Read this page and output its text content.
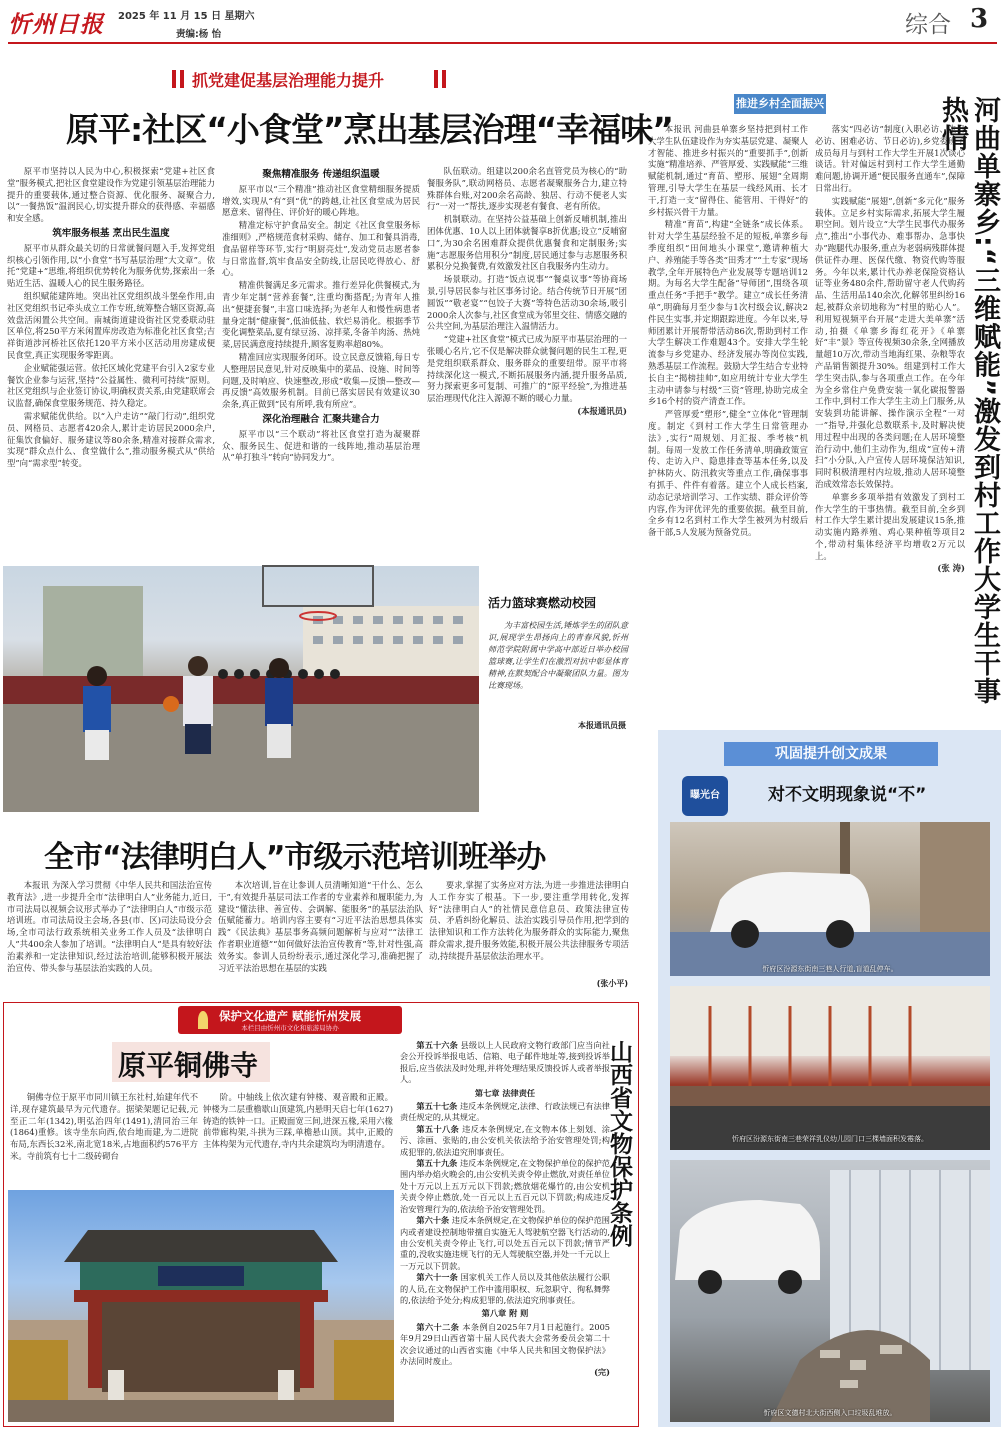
忻州日报 2025 年 11 月 15 日 星期六
责编:杨 怡	综合 3
抓党建促基层治理能力提升
原平:社区“小食堂”烹出基层治理“幸福味”

原平市坚持以人民为中心,积极探索“党建+社区食堂”服务模式,把社区食堂建设作为党建引领基层治理能力提升的重要载体,通过整合资源、优化服务、凝聚合力,以“一餐热饭”温润民心,切实提升群众的获得感、幸福感和安全感。

筑牢服务根基 烹出民生温度

原平市从群众最关切的日常就餐问题入手,发挥党组织核心引领作用,以“小食堂”书写基层治理“大文章”。依托“党建+”思维,将组织优势转化为服务优势,探索出一条贴近生活、温暖人心的民生服务路径。

组织赋能建阵地。突出社区党组织战斗堡垒作用,由社区党组织书记牵头成立工作专班,统筹整合辖区资源,高效盘活闲置公共空间。南城街道建设街社区党委联动驻区单位,将250平方米闲置库房改造为标准化社区食堂;吉祥街道涉河桥社区依托120平方米小区活动用房建成便民食堂,真正实现服务零距离。

企业赋能强运营。依托区域化党建平台引入2家专业餐饮企业参与运营,坚持“公益属性、微利可持续”原则。社区党组织与企业签订协议,明确权责关系,由党建联席会议监督,确保食堂服务规范、持久稳定。

需求赋能优供给。以“入户走访”“敲门行动”,组织党员、网格员、志愿者420余人,累计走访居民2000余户,征集饮食偏好、服务建议等80余条,精准对接群众需求,实现“群众点什么、食堂做什么”,推动服务模式从“供给型”向“需求型”转变。

聚焦精准服务 传递组织温暖

原平市以“三个精准”推动社区食堂精细服务提质增效,实现从“有”到“优”的跨越,让社区食堂成为居民愿意来、留得住、评价好的暖心阵地。

精准定标守护食品安全。制定《社区食堂服务标准细则》,严格规范食材采购、储存、加工和餐具消毒,食品留样等环节,实行“明厨亮灶”,发动党员志愿者参与日常监督,筑牢食品安全防线,让居民吃得放心、舒心。

精准供餐满足多元需求。推行差异化供餐模式,为青少年定制“营养套餐”,注重均衡搭配;为青年人推出“便捷套餐”,丰富口味选择;为老年人和慢性病患者量身定制“健康餐”,低油低盐、软烂易消化。根据季节变化调整菜品,夏有绿豆汤、凉拌菜,冬备羊肉汤、热炖菜,居民满意度持续提升,顾客复购率超80%。

精准回应实现服务闭环。设立民意反馈箱,每日专人整理居民意见,针对反映集中的菜品、设施、时间等问题,及时响应、快速整改,形成“收集—反馈—整改—再反馈”高效服务机制。目前已落实居民有效建议30余条,真正做到“民有所呼,我有所应”。

深化治理融合 汇聚共建合力

原平市以“三个联动”将社区食堂打造为凝聚群众、服务民生、促进和谐的一线阵地,推动基层治理从“单打独斗”转向“协同发力”。

队伍联动。组建以200余名直管党员为核心的“助餐服务队”,联动网格员、志愿者凝聚服务合力,建立特殊群体台账,对200余名高龄、独居、行动不便老人实行“一对一”帮扶,逐步实现老有餐食、老有所依。

机制联动。在坚持公益基础上创新反哺机制,推出团体优惠、10人以上团体就餐享8折优惠;设立“反哺窗口”,为30余名困难群众提供优惠餐食和定制服务;实施“志愿服务信用积分”制度,居民通过参与志愿服务积累积分兑换餐费,有效激发社区自我服务内生动力。

场景联动。打造“饭点说事”“餐桌议事”等协商场景,引导居民参与社区事务讨论。结合传统节日开展“团圆饭”“敬老宴”“包饺子大赛”等特色活动30余场,吸引2000余人次参与,社区食堂成为邻里交往、情感交融的公共空间,为基层治理注入温情活力。

“党建+社区食堂”模式已成为原平市基层治理的一张暖心名片,它不仅是解决群众就餐问题的民生工程,更是党组织联系群众、服务群众的重要纽带。原平市将持续深化这一模式,不断拓展服务内涵,提升服务品质,努力探索更多可复制、可推广的“原平经验”,为推进基层治理现代化注入源源不断的暖心力量。

(本报通讯员)
推进乡村全面振兴

本报讯 河曲县单寨乡坚持把到村工作大学生队伍建设作为夯实基层党建、凝聚人才智能、推进乡村振兴的“重要抓手”,创新实施“精准培养、严管厚爱、实践赋能”三维赋能机制,通过“育苗、塑形、展翅”全周期管理,引导大学生在基层一线经风雨、长才干,打造一支“留得住、能管用、干得好”的乡村振兴骨干力量。

精准“育苗”,构建“全链条”成长体系。针对大学生基层经验不足的短板,单寨乡每季度组织“田间地头小课堂”,邀请种植大户、养殖能手等各类“田秀才”“土专家”现场教学,全年开展特色产业发展等专题培训12期。为每名大学生配备“导师团”,围绕各项重点任务“手把手”教学。建立“成长任务清单”,明确每月至少参与1次村级会议,解决2件民生实事,并定期跟踪进度。今年以来,导师团累计开展帮带活动86次,帮助到村工作大学生解决工作难题43个。安排大学生轮流参与乡党建办、经济发展办等岗位实践,熟悉基层工作流程。鼓励大学生结合专业特长自主“揭榜挂帅”,如应用统计专业大学生主动申请参与村级“三资”管理,协助完成全乡16个村的资产清查工作。

严管厚爱“塑形”,健全“立体化”管理制度。制定《到村工作大学生日常管理办法》,实行“周规划、月汇报、季考核”机制。每周一发放工作任务清单,明确政策宣传、走访入户、隐患排查等基本任务,以及护林防火、防汛救灾等重点工作,确保事事有抓手、件件有着落。建立个人成长档案,动态记录培训学习、工作实绩、群众评价等内容,作为评优评先的重要依据。截至目前,全乡有12名到村工作大学生被列为村级后备干部,5人发展为预备党员。

落实“四必访”制度(入职必访、生日必访、困难必访、节日必访),乡党委班子成员每月与到村工作大学生开展1次谈心谈话。针对偏远村到村工作大学生通勤难问题,协调开通“便民服务直通车”,保障日常出行。

实践赋能“展翅”,创新“多元化”服务载体。立足乡村实际需求,拓展大学生履职空间。划片设立“大学生民事代办服务点”,推出“小事代办、难事帮办、急事快办”跑腿代办服务,重点为老弱病残群体提供证件办理、医保代缴、物资代购等服务。今年以来,累计代办养老保险资格认证等业务480余件,帮助留守老人代购药品、生活用品140余次,化解邻里纠纷16起,被群众亲切地称为“村里的贴心人”。利用短视频平台开展“走进大美单寨”活动,拍摄《单寨乡海红花开》《单寨好“丰”景》等宣传视频30余条,全网播放量超10万次,带动当地海红果、杂粮等农产品销售额提升30%。组建到村工作大学生突击队,参与各项重点工作。在今年为全乡常住户免费安装一氧化碳报警器工作中,到村工作大学生主动上门服务,从安装到功能讲解、操作演示全程“一对一”指导,并强化总数联系卡,及时解决使用过程中出现的各类问题;在人居环境整治行动中,他们主动作为,组成“宣传+清扫”小分队,入户宣传人居环境保洁知识,同时积极清理村内垃圾,推动人居环境整治成效常态长效保持。

单寨乡多项举措有效激发了到村工作大学生的干事热情。截至目前,全乡到村工作大学生累计提出发展建议15条,推动实施内路养殖、鸡心果种植等项目2个,带动村集体经济平均增收2万元以上。

(张 涛) 河曲单寨乡:“三维赋能”激发到村工作大学生干事热情
活力篮球赛燃动校园
为丰富校园生活,锤炼学生的团队意识,展现学生昂扬向上的青春风貌,忻州师范学院附属中学高中部近日举办校园篮球赛,让学生们在激烈对抗中彰显体育精神,在默契配合中凝聚团队力量。图为比赛现场。
本报通讯员摄
全市“法律明白人”市级示范培训班举办
本报讯 为深入学习贯彻《中华人民共和国法治宣传教育法》,进一步提升全市“法律明白人”业务能力,近日,市司法局以视频会议形式举办了“法律明白人”市级示范培训班。市司法局设主会场,各县(市、区)司法局设分会场,全市司法行政系统相关业务工作人员及“法律明白人”共400余人参加了培训。“法律明白人”是具有较好法治素养和一定法律知识,经过法治培训,能够积极开展法治宣传、带头参与基层法治实践的人员。
本次培训,旨在让参训人员清晰知道“干什么、怎么干”,有效提升基层司法工作者的专业素养和履职能力,为建设“懂法律、善宣传、会调解、能服务”的基层法治队伍赋能蓄力。培训内容主要有“习近平法治思想具体实践”《民法典》基层事务高频问题解析与应对”“法律工作者职业道德”“如何做好法治宣传教育”等,针对性强,高效务实。参训人员纷纷表示,通过深化学习,准确把握了习近平法治思想在基层的实践
要求,掌握了实务应对方法,为进一步推进法律明白人工作夯实了根基。下一步,要注重学用转化,发挥好“法律明白人”的社情民意信息员、政策法律宣传员、矛盾纠纷化解员、法治实践引导员作用,把学到的法律知识和工作方法转化为服务群众的实际能力,聚焦群众需求,提升服务效能,积极开展公共法律服务专项活动,持续提升基层依法治理水平。
(张小平)
保护文化遗产 赋能忻州发展
本栏目由忻州市文化和旅游局协办
原平铜佛寺
铜佛寺位于原平市同川镇王东社村,始建年代不详,现存建筑最早为元代遗存。据梁架题记记载,元至正二年(1342),明弘治四年(1491),清同治三年(1864)重修。该寺坐东向西,依台地而建,为二进院布局,东西长32米,南北宽18米,占地面积约576平方米。寺前筑有七十二级砖砌台
阶。中轴线上依次建有钟楼、观音殿和正殿。钟楼为二层重檐歇山顶建筑,内悬明天启七年(1627)铸造的铁钟一口。正殿面宽三间,进深五椽,采用六椽前带廊构架,斗拱为三踩,单檐悬山顶。其中,正殿的主体构架为元代遗存,寺内共余建筑均为明清遗存。

第五十六条 县级以上人民政府文物行政部门应当向社会公开投诉举报电话、信箱、电子邮件地址等,接到投诉举报后,应当依法及时处理,并将处理结果反馈投诉人或者举报人。

第七章 法律责任

第五十七条 违反本条例规定,法律、行政法规已有法律责任规定的,从其规定。

第五十八条 违反本条例规定,在文物本体上刻划、涂污、涂画、张贴的,由公安机关依法给予治安管理处罚;构成犯罪的,依法追究刑事责任。

第五十九条 违反本条例规定,在文物保护单位的保护范围内举办焰火晚会的,由公安机关责令停止燃放,对责任单位处十万元以上五万元以下罚款;燃放烟花爆竹的,由公安机关责令停止燃放,处一百元以上五百元以下罚款;构成违反治安管理行为的,依法给予治安管理处罚。

第六十条 违反本条例规定,在文物保护单位的保护范围内或者建设控制地带擅自实施无人驾驶航空器飞行活动的,由公安机关责令停止飞行,可以处五百元以下罚款;情节严重的,没收实施违规飞行的无人驾驶航空器,并处一千元以上一万元以下罚款。

第六十一条 国家机关工作人员以及其他依法履行公职的人员,在文物保护工作中滥用职权、玩忽职守、徇私舞弊的,依法给予处分;构成犯罪的,依法追究刑事责任。

第八章 附 则

第六十二条 本条例自2025年7月1日起施行。2005年9月29日山西省第十届人民代表大会常务委员会第二十次会议通过的山西省实施《中华人民共和国文物保护法》办法同时废止。

(完)
山西省文物保护条例
巩固提升创文成果
曝光台	对不文明现象说“不”
忻府区汾源东街南三巷人行道,盲道乱停车。
忻府区汾源东街南三巷荣祥乳仪幼儿园门口三棵墙面积发霉落。
忻府区文德村北大街西侧入口垃圾乱堆放。
